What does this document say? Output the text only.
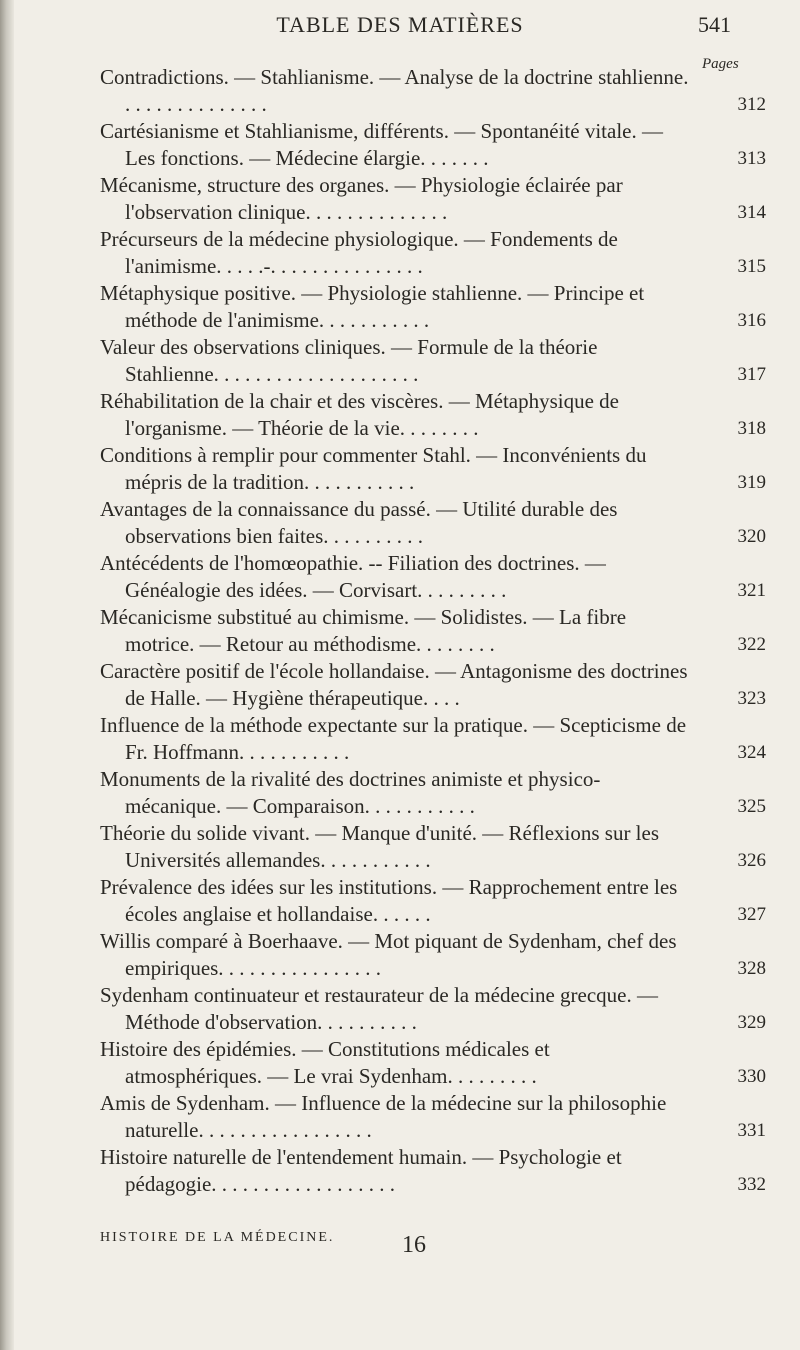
TABLE DES MATIÈRES	541
Pages
Contradictions. — Stahlianisme. — Analyse de la doctrine stahlienne. . . . . . . . . . . . . . .	312
Cartésianisme et Stahlianisme, différents. — Spontanéité vitale. — Les fonctions. — Médecine élargie. . . . . . .	313
Mécanisme, structure des organes. — Physiologie éclairée par l'observation clinique. . . . . . . . . . . . . .	314
Précurseurs de la médecine physiologique. — Fondements de l'animisme. . . . .-. . . . . . . . . . . . . . .	315
Métaphysique positive. — Physiologie stahlienne. — Principe et méthode de l'animisme. . . . . . . . . . .	316
Valeur des observations cliniques. — Formule de la théorie Stahlienne. . . . . . . . . . . . . . . . . . . .	317
Réhabilitation de la chair et des viscères. — Métaphysique de l'organisme. — Théorie de la vie. . . . . . . .	318
Conditions à remplir pour commenter Stahl. — Inconvénients du mépris de la tradition. . . . . . . . . . .	319
Avantages de la connaissance du passé. — Utilité durable des observations bien faites. . . . . . . . . .	320
Antécédents de l'homœopathie. -- Filiation des doctrines. — Généalogie des idées. — Corvisart. . . . . . . . .	321
Mécanicisme substitué au chimisme. — Solidistes. — La fibre motrice. — Retour au méthodisme. . . . . . . .	322
Caractère positif de l'école hollandaise. — Antagonisme des doctrines de Halle. — Hygiène thérapeutique. . . .	323
Influence de la méthode expectante sur la pratique. — Scepticisme de Fr. Hoffmann. . . . . . . . . . .	324
Monuments de la rivalité des doctrines animiste et physico-mécanique. — Comparaison. . . . . . . . . . .	325
Théorie du solide vivant. — Manque d'unité. — Réflexions sur les Universités allemandes. . . . . . . . . . .	326
Prévalence des idées sur les institutions. — Rapprochement entre les écoles anglaise et hollandaise. . . . . .	327
Willis comparé à Boerhaave. — Mot piquant de Sydenham, chef des empiriques. . . . . . . . . . . . . . . .	328
Sydenham continuateur et restaurateur de la médecine grecque. — Méthode d'observation. . . . . . . . . .	329
Histoire des épidémies. — Constitutions médicales et atmosphériques. — Le vrai Sydenham. . . . . . . . .	330
Amis de Sydenham. — Influence de la médecine sur la philosophie naturelle. . . . . . . . . . . . . . . . .	331
Histoire naturelle de l'entendement humain. — Psychologie et pédagogie. . . . . . . . . . . . . . . . . .	332
HISTOIRE DE LA MÉDECINE.	16
